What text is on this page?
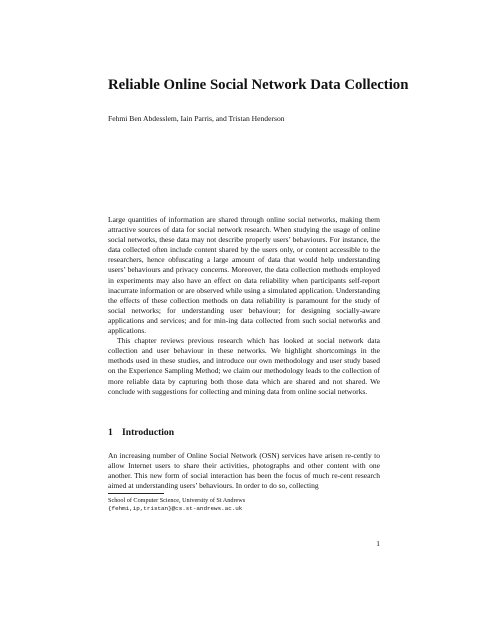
Reliable Online Social Network Data Collection
Fehmi Ben Abdesslem, Iain Parris, and Tristan Henderson

Large quantities of information are shared through online social networks, making them attractive sources of data for social network research. When studying the usage of online social networks, these data may not describe properly users’ behaviours. For instance, the data collected often include content shared by the users only, or content accessible to the researchers, hence obfuscating a large amount of data that would help understanding users’ behaviours and privacy concerns. Moreover, the data collection methods employed in experiments may also have an effect on data reliability when participants self-report inacurrate information or are observed while using a simulated application. Understanding the effects of these collection methods on data reliability is paramount for the study of social networks; for understanding user behaviour; for designing socially-aware applications and services; and for min-ing data collected from such social networks and applications.

This chapter reviews previous research which has looked at social network data collection and user behaviour in these networks. We highlight shortcomings in the methods used in these studies, and introduce our own methodology and user study based on the Experience Sampling Method; we claim our methodology leads to the collection of more reliable data by capturing both those data which are shared and not shared. We conclude with suggestions for collecting and mining data from online social networks.

1 Introduction

An increasing number of Online Social Network (OSN) services have arisen re-cently to allow Internet users to share their activities, photographs and other content with one another. This new form of social interaction has been the focus of much re-cent research aimed at understanding users’ behaviours. In order to do so, collecting

School of Computer Science, University of St Andrews
{fehmi,ip,tristan}@cs.st-andrews.ac.uk
1
